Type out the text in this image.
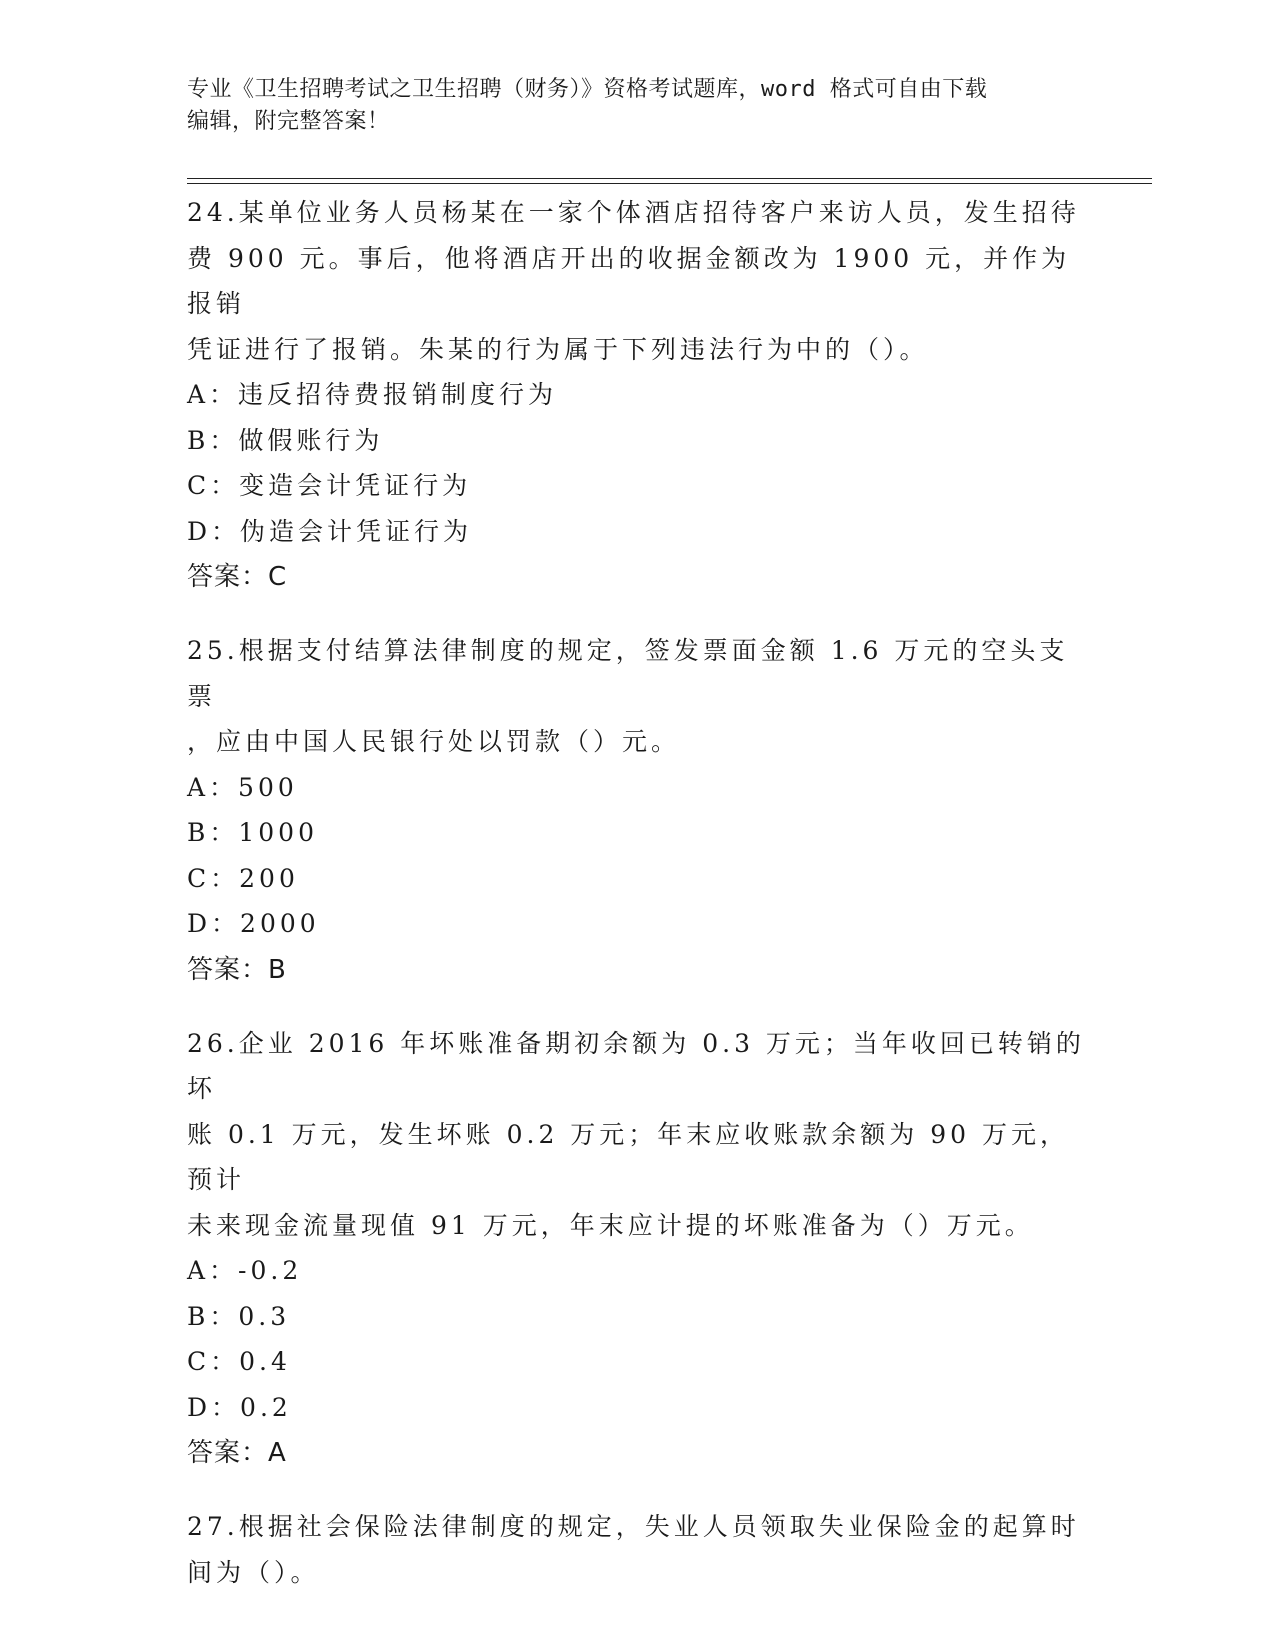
专业《卫生招聘考试之卫生招聘（财务）》资格考试题库，word 格式可自由下载
编辑，附完整答案！

24.某单位业务人员杨某在一家个体酒店招待客户来访人员，发生招待

费 900 元。事后，他将酒店开出的收据金额改为 1900 元，并作为报销

凭证进行了报销。朱某的行为属于下列违法行为中的（）。

A：违反招待费报销制度行为

B：做假账行为

C：变造会计凭证行为

D：伪造会计凭证行为

答案：C

25.根据支付结算法律制度的规定，签发票面金额 1.6 万元的空头支票

，应由中国人民银行处以罚款（）元。

A：500

B：1000

C：200

D：2000

答案：B

26.企业 2016 年坏账准备期初余额为 0.3 万元；当年收回已转销的坏

账 0.1 万元，发生坏账 0.2 万元；年末应收账款余额为 90 万元，预计

未来现金流量现值 91 万元，年末应计提的坏账准备为（）万元。

A：-0.2

B：0.3

C：0.4

D：0.2

答案：A

27.根据社会保险法律制度的规定，失业人员领取失业保险金的起算时

间为（）。
